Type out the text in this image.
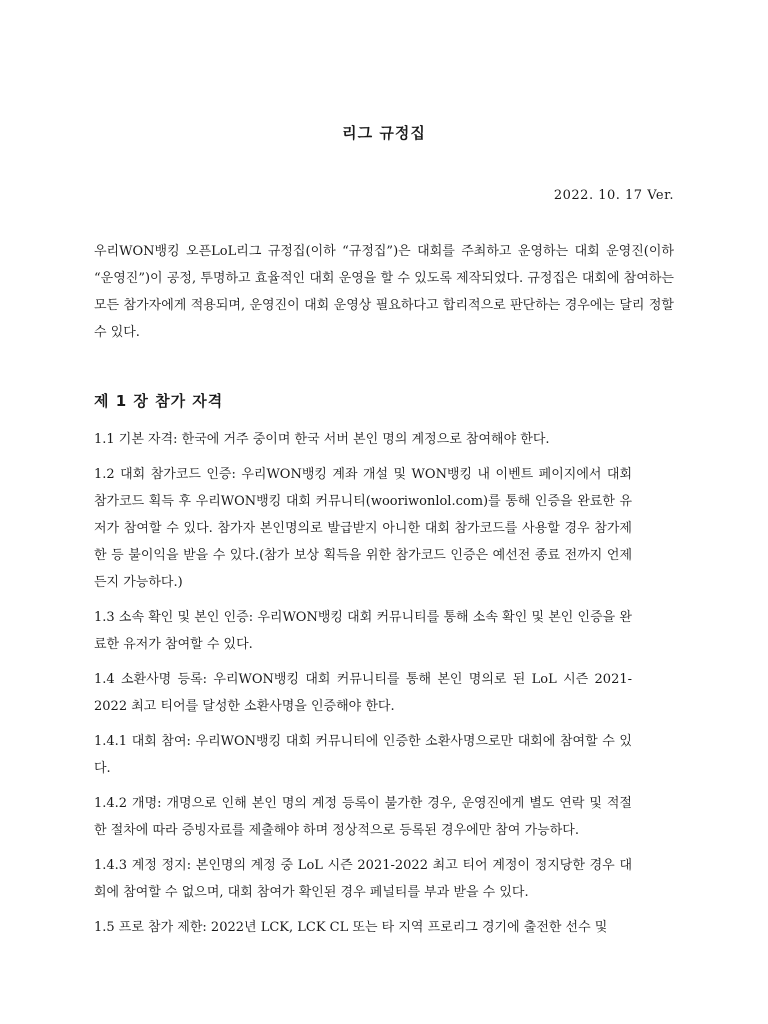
리그 규정집
2022. 10. 17 Ver.

우리WON뱅킹 오픈LoL리그 규정집(이하 “규정집”)은 대회를 주최하고 운영하는 대회 운영진(이하 “운영진”)이 공정, 투명하고 효율적인 대회 운영을 할 수 있도록 제작되었다. 규정집은 대회에 참여하는 모든 참가자에게 적용되며, 운영진이 대회 운영상 필요하다고 합리적으로 판단하는 경우에는 달리 정할 수 있다.

제 1 장 참가 자격

1.1 기본 자격: 한국에 거주 중이며 한국 서버 본인 명의 계정으로 참여해야 한다.

1.2 대회 참가코드 인증: 우리WON뱅킹 계좌 개설 및 WON뱅킹 내 이벤트 페이지에서 대회 참가코드 획득 후 우리WON뱅킹 대회 커뮤니티(wooriwonlol.com)를 통해 인증을 완료한 유저가 참여할 수 있다. 참가자 본인명의로 발급받지 아니한 대회 참가코드를 사용할 경우 참가제한 등 불이익을 받을 수 있다.(참가 보상 획득을 위한 참가코드 인증은 예선전 종료 전까지 언제든지 가능하다.)

1.3 소속 확인 및 본인 인증: 우리WON뱅킹 대회 커뮤니티를 통해 소속 확인 및 본인 인증을 완료한 유저가 참여할 수 있다.

1.4 소환사명 등록: 우리WON뱅킹 대회 커뮤니티를 통해 본인 명의로 된 LoL 시즌 2021-2022 최고 티어를 달성한 소환사명을 인증해야 한다.

1.4.1 대회 참여: 우리WON뱅킹 대회 커뮤니티에 인증한 소환사명으로만 대회에 참여할 수 있다.

1.4.2 개명: 개명으로 인해 본인 명의 계정 등록이 불가한 경우, 운영진에게 별도 연락 및 적절한 절차에 따라 증빙자료를 제출해야 하며 정상적으로 등록된 경우에만 참여 가능하다.

1.4.3 계정 정지: 본인명의 계정 중 LoL 시즌 2021-2022 최고 티어 계정이 정지당한 경우 대회에 참여할 수 없으며, 대회 참여가 확인된 경우 페널티를 부과 받을 수 있다.

1.5 프로 참가 제한: 2022년 LCK, LCK CL 또는 타 지역 프로리그 경기에 출전한 선수 및
